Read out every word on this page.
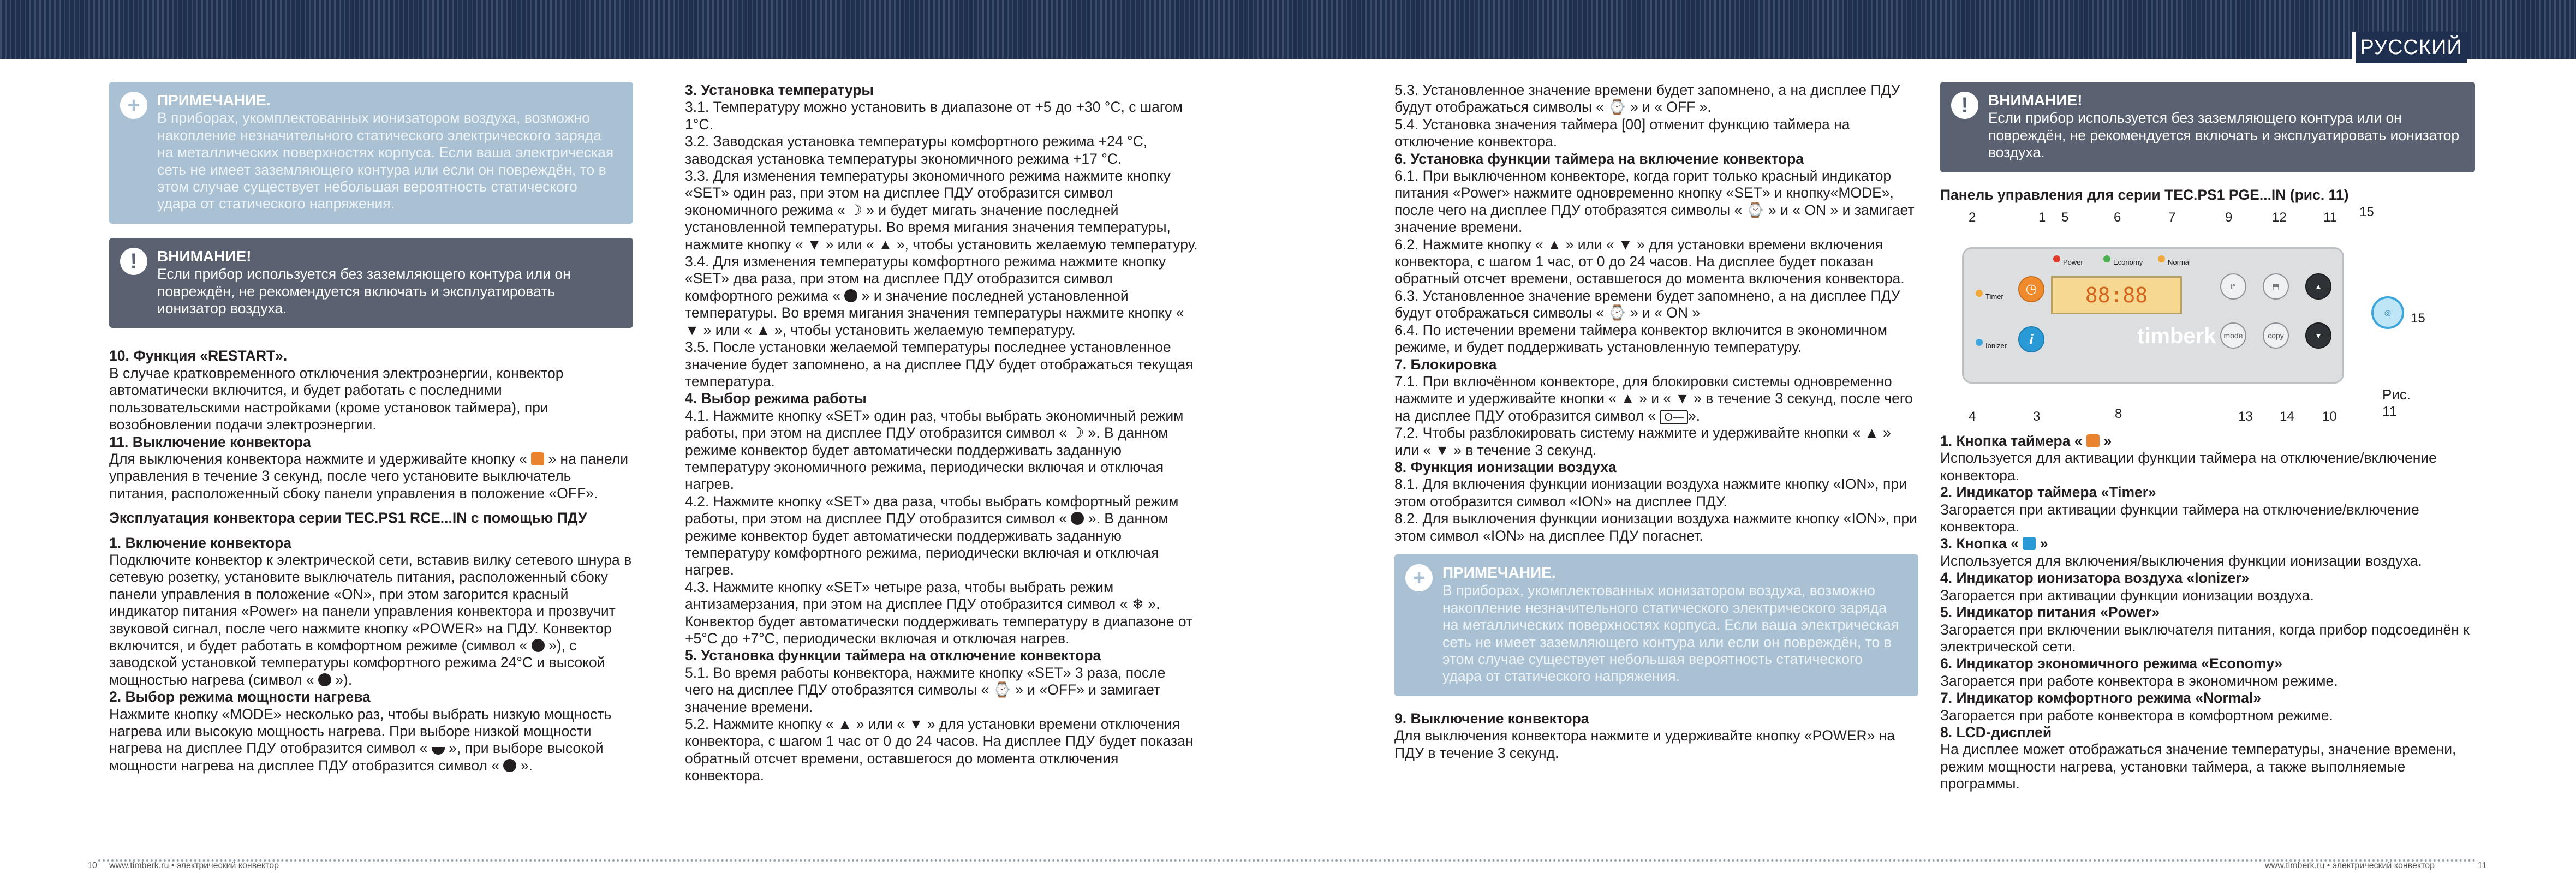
РУССКИЙ
+	ПРИМЕЧАНИЕ.
В приборах, укомплектованных ионизатором воздуха, возможно накопление незначительного статического электрического заряда на металлических поверхностях корпуса. Если ваша электрическая сеть не имеет заземляющего контура или если он повреждён, то в этом случае существует небольшая вероятность статического удара от статического напряжения.
!	ВНИМАНИЕ!
Если прибор используется без заземляющего контура или он повреждён, не рекомендуется включать и эксплуатировать ионизатор воздуха.

10. Функция «RESTART».

В случае кратковременного отключения электроэнергии, конвектор автоматически включится, и будет работать с последними пользовательскими настройками (кроме установок таймера), при возобновлении подачи электроэнергии.

11. Выключение конвектора

Для выключения конвектора нажмите и удерживайте кнопку « » на панели управления в течение 3 секунд, после чего установите выключатель питания, расположенный сбоку панели управления в положение «OFF».

Эксплуатация конвектора серии TEC.PS1 RCE...IN с помощью ПДУ

1. Включение конвектора

Подключите конвектор к электрической сети, вставив вилку сетевого шнура в сетевую розетку, установите выключатель питания, расположенный сбоку панели управления в положение «ON», при этом загорится красный индикатор питания «Power» на панели управления конвектора и прозвучит звуковой сигнал, после чего нажмите кнопку «POWER» на ПДУ. Конвектор включится, и будет работать в комфортном режиме (символ « »), с заводской установкой температуры комфортного режима 24°С и высокой мощностью нагрева (символ « »).

2. Выбор режима мощности нагрева

Нажмите кнопку «MODE» несколько раз, чтобы выбрать низкую мощность нагрева или высокую мощность нагрева. При выборе низкой мощности нагрева на дисплее ПДУ отобразится символ « », при выборе высокой мощности нагрева на дисплее ПДУ отобразится символ « ».

3. Установка температуры

3.1. Температуру можно установить в диапазоне от +5 до +30 °С, с шагом 1°С.

3.2. Заводская установка температуры комфортного режима +24 °С, заводская установка температуры экономичного режима +17 °С.

3.3. Для изменения температуры экономичного режима нажмите кнопку «SET» один раз, при этом на дисплее ПДУ отобразится символ экономичного режима « ☽ » и будет мигать значение последней установленной температуры. Во время мигания значения температуры, нажмите кнопку « ▼ » или « ▲ », чтобы установить желаемую температуру.

3.4. Для изменения температуры комфортного режима нажмите кнопку «SET» два раза, при этом на дисплее ПДУ отобразится символ комфортного режима « » и значение последней установленной температуры. Во время мигания значения температуры нажмите кнопку « ▼ » или « ▲ », чтобы установить желаемую температуру.

3.5. После установки желаемой температуры последнее установленное значение будет запомнено, а на дисплее ПДУ будет отображаться текущая температура.

4. Выбор режима работы

4.1. Нажмите кнопку «SET» один раз, чтобы выбрать экономичный режим работы, при этом на дисплее ПДУ отобразится символ « ☽ ». В данном режиме конвектор будет автоматически поддерживать заданную температуру экономичного режима, периодически включая и отключая нагрев.

4.2. Нажмите кнопку «SET» два раза, чтобы выбрать комфортный режим работы, при этом на дисплее ПДУ отобразится символ « ». В данном режиме конвектор будет автоматически поддерживать заданную температуру комфортного режима, периодически включая и отключая нагрев.

4.3. Нажмите кнопку «SET» четыре раза, чтобы выбрать режим антизамерзания, при этом на дисплее ПДУ отобразится символ « ❄ ». Конвектор будет автоматически поддерживать температуру в диапазоне от +5°С до +7°С, периодически включая и отключая нагрев.

5. Установка функции таймера на отключение конвектора

5.1. Во время работы конвектора, нажмите кнопку «SET» 3 раза, после чего на дисплее ПДУ отобразятся символы « ⌚ » и «OFF» и замигает значение времени.

5.2. Нажмите кнопку « ▲ » или « ▼ » для установки времени отключения конвектора, с шагом 1 час от 0 до 24 часов. На дисплее ПДУ будет показан обратный отсчет времени, оставшегося до момента отключения конвектора.

5.3. Установленное значение времени будет запомнено, а на дисплее ПДУ будут отображаться символы « ⌚ » и « OFF ».

5.4. Установка значения таймера [00] отменит функцию таймера на отключение конвектора.

6. Установка функции таймера на включение конвектора

6.1. При выключенном конвекторе, когда горит только красный индикатор питания «Power» нажмите одновременно кнопку «SET» и кнопку«MODE», после чего на дисплее ПДУ отобразятся символы « ⌚ » и « ON » и замигает значение времени.

6.2. Нажмите кнопку « ▲ » или « ▼ » для установки времени включения конвектора, с шагом 1 час, от 0 до 24 часов. На дисплее будет показан обратный отсчет времени, оставшегося до момента включения конвектора.

6.3. Установленное значение времени будет запомнено, а на дисплее ПДУ будут отображаться символы « ⌚ » и « ON »

6.4. По истечении времени таймера конвектор включится в экономичном режиме, и будет поддерживать установленную температуру.

7. Блокировка

7.1. При включённом конвекторе, для блокировки системы одновременно нажмите и удерживайте кнопки « ▲ » и « ▼ » в течение 3 секунд, после чего на дисплее ПДУ отобразится символ « O— ».

7.2. Чтобы разблокировать систему нажмите и удерживайте кнопки « ▲ » или « ▼ » в течение 3 секунд.

8. Функция ионизации воздуха

8.1. Для включения функции ионизации воздуха нажмите кнопку «ION», при этом отобразится символ «ION» на дисплее ПДУ.

8.2. Для выключения функции ионизации воздуха нажмите кнопку «ION», при этом символ «ION» на дисплее ПДУ погаснет.

+	ПРИМЕЧАНИЕ.
В приборах, укомплектованных ионизатором воздуха, возможно накопление незначительного статического электрического заряда на металлических поверхностях корпуса. Если ваша электрическая сеть не имеет заземляющего контура или если он повреждён, то в этом случае существует небольшая вероятность статического удара от статического напряжения.

9. Выключение конвектора

Для выключения конвектора нажмите и удерживайте кнопку «POWER» на ПДУ в течение 3 секунд.

!	ВНИМАНИЕ!
Если прибор используется без заземляющего контура или он повреждён, не рекомендуется включать и эксплуатировать ионизатор воздуха.

Панель управления для серии TEC.PS1 PGE...IN (рис. 11)

2	1 5	6	7	9	12	11 15
4	3	8	13 14 10
15
Timer
Ionizer
◷
i
Power	Economy	Normal
88:88
timberk
t°
mode
▤
copy
▲
▼
◎
Рис. 11

1. Кнопка таймера « »

Используется для активации функции таймера на отключение/включение конвектора.

2. Индикатор таймера «Timer»

Загорается при активации функции таймера на отключение/включение конвектора.

3. Кнопка « »

Используется для включения/выключения функции ионизации воздуха.

4. Индикатор ионизатора воздуха «Ionizer»

Загорается при активации функции ионизации воздуха.

5. Индикатор питания «Power»

Загорается при включении выключателя питания, когда прибор подсоединён к электрической сети.

6. Индикатор экономичного режима «Economy»

Загорается при работе конвектора в экономичном режиме.

7. Индикатор комфортного режима «Normal»

Загорается при работе конвектора в комфортном режиме.

8. LCD-дисплей

На дисплее может отображаться значение температуры, значение времени, режим мощности нагрева, установки таймера, а также выполняемые программы.

10 www.timberk.ru • электрический конвектор	www.timberk.ru • электрический конвектор	11
